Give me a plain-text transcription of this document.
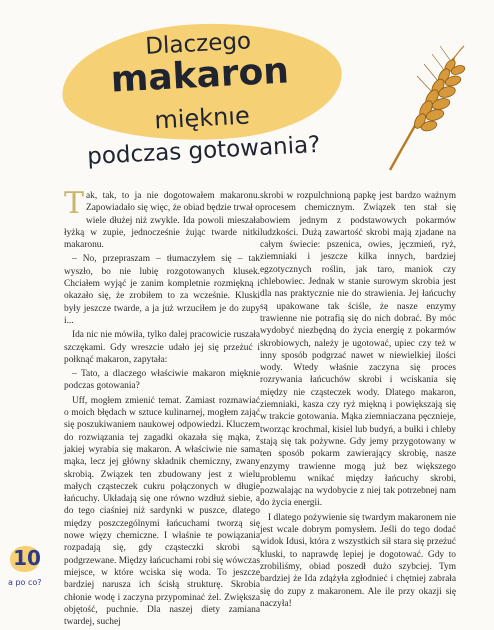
Dlaczego
makaron mięknıe
podczas gotowania?

Tak, tak, to ja nie dogotowałem makaronu. Zapowiadało się więc, że obiad będzie trwał o wiele dłużej niż zwykle. Ida powoli mieszała łyżką w zupie, jednocześnie żując twarde nitki makaronu.

– No, przepraszam – tłumaczyłem się – tak wyszło, bo nie lubię rozgotowanych klusek. Chciałem wyjąć je zanim kompletnie rozmiękną i okazało się, że zrobiłem to za wcześnie. Kluski były jeszcze twarde, a ja już wrzuciłem je do zupy i...

Ida nic nie mówiła, tylko dalej pracowicie ruszała szczękami. Gdy wreszcie udało jej się przeżuć i połknąć makaron, zapytała:

– Tato, a dlaczego właściwie makaron mięknie podczas gotowania?

Uff, mogłem zmienić temat. Zamiast rozmawiać o moich błędach w sztuce kulinarnej, mogłem zająć się poszukiwaniem naukowej odpowiedzi. Kluczem do rozwiązania tej zagadki okazała się mąka, z jakiej wyrabia się makaron. A właściwie nie sama mąka, lecz jej główny składnik chemiczny, zwany skrobią. Związek ten zbudowany jest z wielu małych cząsteczek cukru połączonych w długie łańcuchy. Układają się one równo wzdłuż siebie, a do tego ciaśniej niż sardynki w puszce, dlatego między poszczególnymi łańcuchami tworzą się nowe więzy chemiczne. I właśnie te powiązania rozpadają się, gdy cząsteczki skrobi są podgrzewane. Między łańcuchami robi się wówczas miejsce, w które wciska się woda. To jeszcze bardziej narusza ich ścisłą strukturę. Skrobia chłonie wodę i zaczyna przypominać żel. Zwiększa objętość, puchnie. Dla naszej diety zamiana twardej, suchej

skrobi w rozpulchnioną papkę jest bardzo ważnym procesem chemicznym. Związek ten stał się bowiem jednym z podstawowych pokarmów ludzkości. Dużą zawartość skrobi mają zjadane na całym świecie: pszenica, owies, jęczmień, ryż, ziemniaki i jeszcze kilka innych, bardziej egzotycznych roślin, jak taro, maniok czy chlebowiec. Jednak w stanie surowym skrobia jest dla nas praktycznie nie do strawienia. Jej łańcuchy są upakowane tak ściśle, że nasze enzymy trawienne nie potrafią się do nich dobrać. By móc wydobyć niezbędną do życia energię z pokarmów skrobiowych, należy je ugotować, upiec czy też w inny sposób podgrzać nawet w niewielkiej ilości wody. Wtedy właśnie zaczyna się proces rozrywania łańcuchów skrobi i wciskania się między nie cząsteczek wody. Dlatego makaron, ziemniaki, kasza czy ryż miękną i powiększają się w trakcie gotowania. Mąka ziemniaczana pęcznieje, tworząc krochmal, kisiel lub budyń, a bułki i chleby stają się tak pożywne. Gdy jemy przygotowany w ten sposób pokarm zawierający skrobię, nasze enzymy trawienne mogą już bez większego problemu wnikać między łańcuchy skrobi, pozwalając na wydobycie z niej tak potrzebnej nam do życia energii.

I dlatego pożywienie się twardym makaronem nie jest wcale dobrym pomysłem. Jeśli do tego dodać widok Idusi, która z wszystkich sił stara się przeżuć kluski, to naprawdę lepiej je dogotować. Gdy to zrobiliśmy, obiad poszedł dużo szybciej. Tym bardziej że Ida zdążyła zgłodnieć i chętniej zabrała się do zupy z makaronem. Ale ile przy okazji się naczyła!

10
a po co?
